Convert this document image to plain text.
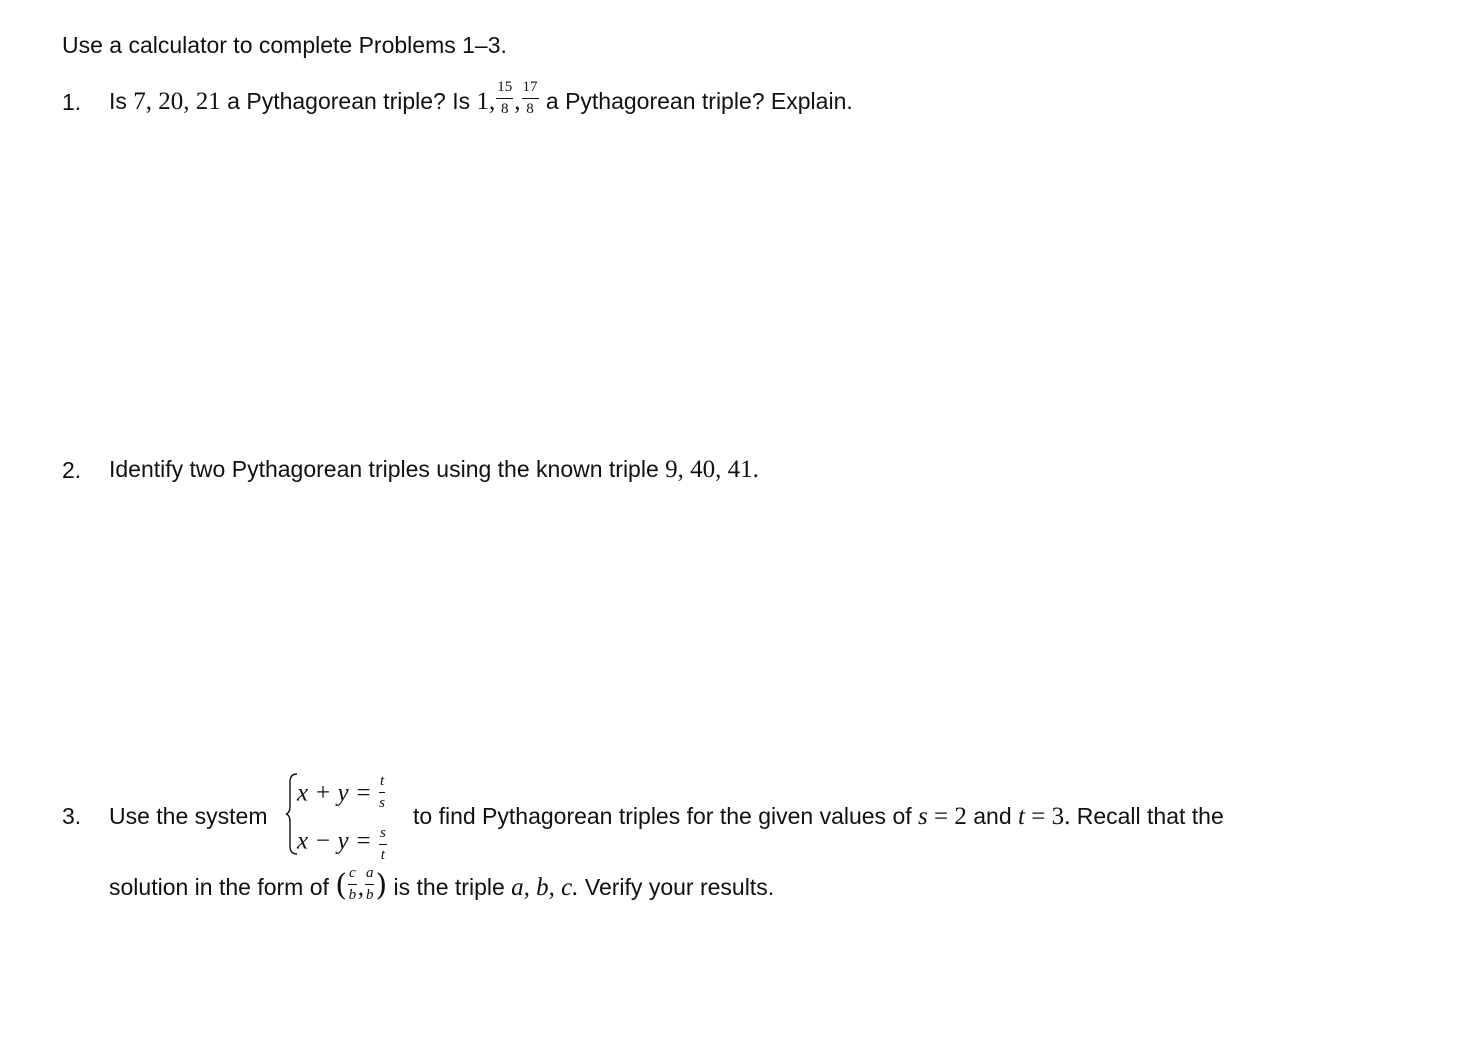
Use a calculator to complete Problems 1–3.
1. Is 7, 20, 21 a Pythagorean triple? Is 1, $\frac{15}{8}$ , $\frac{17}{8}$ a Pythagorean triple? Explain.
2. Identify two Pythagorean triples using the known triple 9, 40, 41.
3. Use the system
$x + y = \frac{t}{s}$
$x - y = \frac{s}{t}$
to find Pythagorean triples for the given values of s = 2 and t = 3. Recall that the
solution in the form of ( $\frac{c}{b}$ , $\frac{a}{b}$ ) is the triple a, b, c. Verify your results.
